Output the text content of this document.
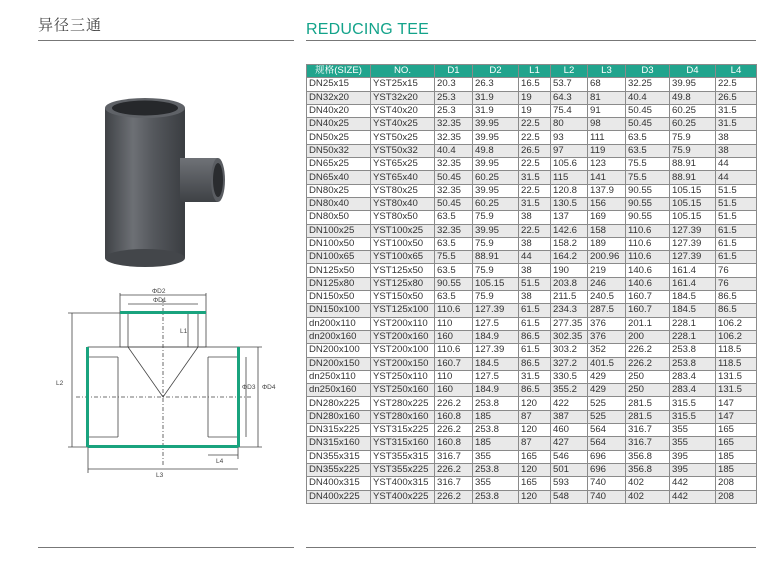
异径三通	REDUCING TEE
ΦD2
ΦD1
L1
L2
ΦD3 ΦD4
L4
L3
规格(SIZE)	NO.	D1	D2	L1	L2	L3	D3	D4	L4
DN25x15	YST25x15	20.3	26.3	16.5	53.7	68	32.25	39.95	22.5
DN32x20	YST32x20	25.3	31.9	19	64.3	81	40.4	49.8	26.5
DN40x20	YST40x20	25.3	31.9	19	75.4	91	50.45	60.25	31.5
DN40x25	YST40x25	32.35	39.95	22.5	80	98	50.45	60.25	31.5
DN50x25	YST50x25	32.35	39.95	22.5	93	111	63.5	75.9	38
DN50x32	YST50x32	40.4	49.8	26.5	97	119	63.5	75.9	38
DN65x25	YST65x25	32.35	39.95	22.5	105.6	123	75.5	88.91	44
DN65x40	YST65x40	50.45	60.25	31.5	115	141	75.5	88.91	44
DN80x25	YST80x25	32.35	39.95	22.5	120.8	137.9	90.55	105.15	51.5
DN80x40	YST80x40	50.45	60.25	31.5	130.5	156	90.55	105.15	51.5
DN80x50	YST80x50	63.5	75.9	38	137	169	90.55	105.15	51.5
DN100x25	YST100x25	32.35	39.95	22.5	142.6	158	110.6	127.39	61.5
DN100x50	YST100x50	63.5	75.9	38	158.2	189	110.6	127.39	61.5
DN100x65	YST100x65	75.5	88.91	44	164.2	200.96	110.6	127.39	61.5
DN125x50	YST125x50	63.5	75.9	38	190	219	140.6	161.4	76
DN125x80	YST125x80	90.55	105.15	51.5	203.8	246	140.6	161.4	76
DN150x50	YST150x50	63.5	75.9	38	211.5	240.5	160.7	184.5	86.5
DN150x100	YST125x100	110.6	127.39	61.5	234.3	287.5	160.7	184.5	86.5
dn200x110	YST200x110	110	127.5	61.5	277.35	376	201.1	228.1	106.2
dn200x160	YST200x160	160	184.9	86.5	302.35	376	200	228.1	106.2
DN200x100	YST200x100	110.6	127.39	61.5	303.2	352	226.2	253.8	118.5
DN200x150	YST200x150	160.7	184.5	86.5	327.2	401.5	226.2	253.8	118.5
dn250x110	YST250x110	110	127.5	31.5	330.5	429	250	283.4	131.5
dn250x160	YST250x160	160	184.9	86.5	355.2	429	250	283.4	131.5
DN280x225	YST280x225	226.2	253.8	120	422	525	281.5	315.5	147
DN280x160	YST280x160	160.8	185	87	387	525	281.5	315.5	147
DN315x225	YST315x225	226.2	253.8	120	460	564	316.7	355	165
DN315x160	YST315x160	160.8	185	87	427	564	316.7	355	165
DN355x315	YST355x315	316.7	355	165	546	696	356.8	395	185
DN355x225	YST355x225	226.2	253.8	120	501	696	356.8	395	185
DN400x315	YST400x315	316.7	355	165	593	740	402	442	208
DN400x225	YST400x225	226.2	253.8	120	548	740	402	442	208
